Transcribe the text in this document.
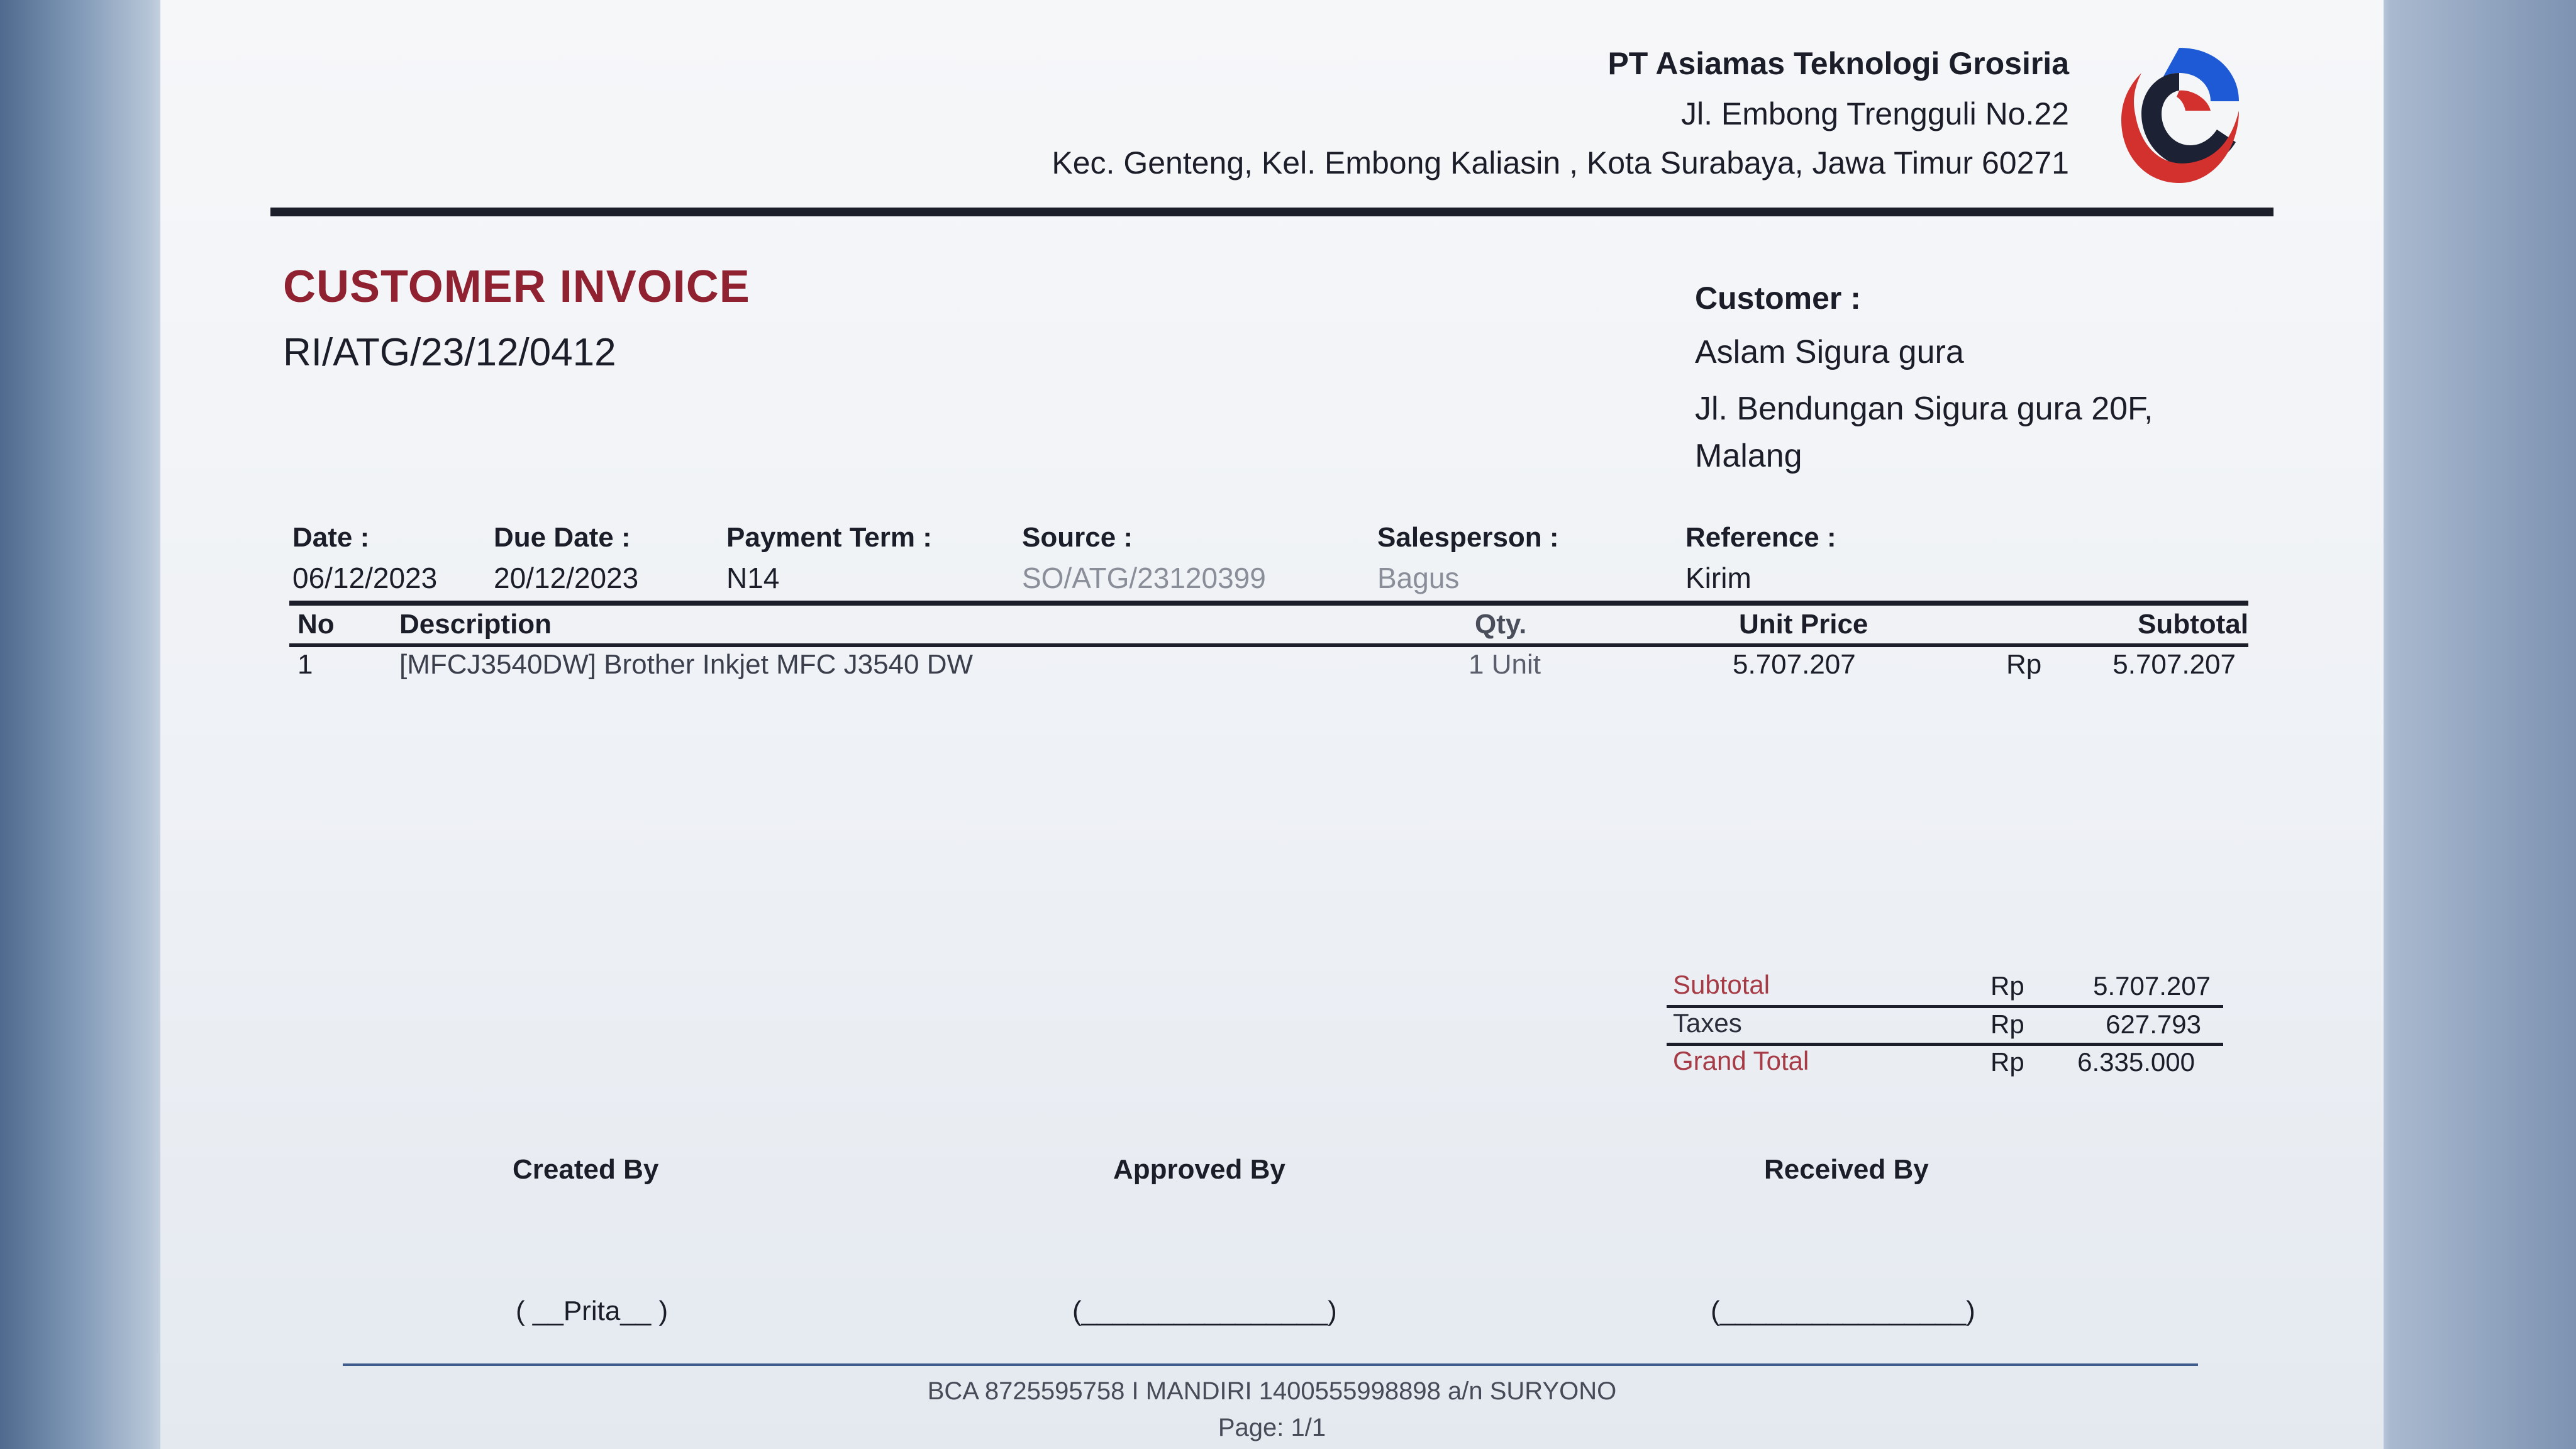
PT Asiamas Teknologi Grosiria
Jl. Embong Trengguli No.22
Kec. Genteng, Kel. Embong Kaliasin , Kota Surabaya, Jawa Timur 60271
CUSTOMER INVOICE
RI/ATG/23/12/0412
Customer :
Aslam Sigura gura
Jl. Bendungan Sigura gura 20F,
Malang
Date :
06/12/2023
Due Date :
20/12/2023
Payment Term :
N14
Source :
SO/ATG/23120399
Salesperson :
Bagus
Reference :
Kirim
No Description	Qty.	Unit Price	Subtotal
1	[MFCJ3540DW] Brother Inkjet MFC J3540 DW	1 Unit	5.707.207	Rp	5.707.207
Subtotal	Rp	5.707.207
Taxes	Rp	627.793
Grand Total	Rp 6.335.000
Created By	Approved By	Received By
( __Prita__ )	(________________)	(________________)
BCA 8725595758 I MANDIRI 1400555998898 a/n SURYONO
Page: 1/1
